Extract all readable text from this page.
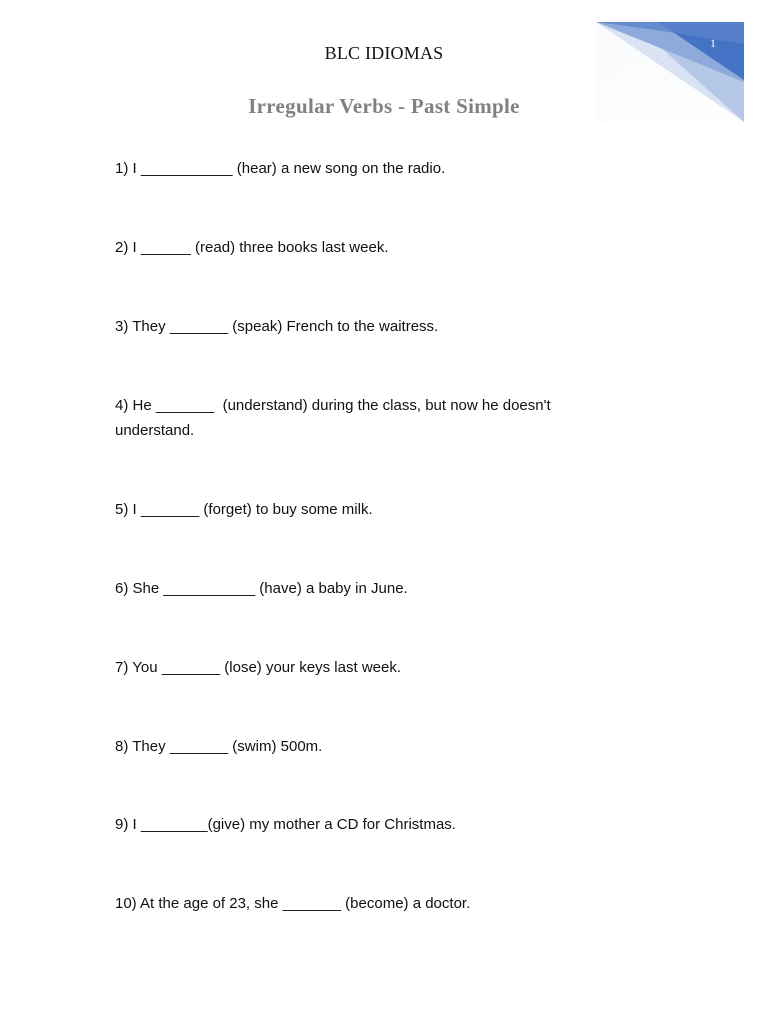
1
BLC IDIOMAS
Irregular Verbs - Past Simple
1) I ___________ (hear) a new song on the radio.
2) I ______ (read) three books last week.
3) They _______ (speak) French to the waitress.
4) He _______  (understand) during the class, but now he doesn't understand.
5) I _______ (forget) to buy some milk.
6) She ___________ (have) a baby in June.
7) You _______ (lose) your keys last week.
8) They _______ (swim) 500m.
9) I ________(give) my mother a CD for Christmas.
10) At the age of 23, she _______ (become) a doctor.
